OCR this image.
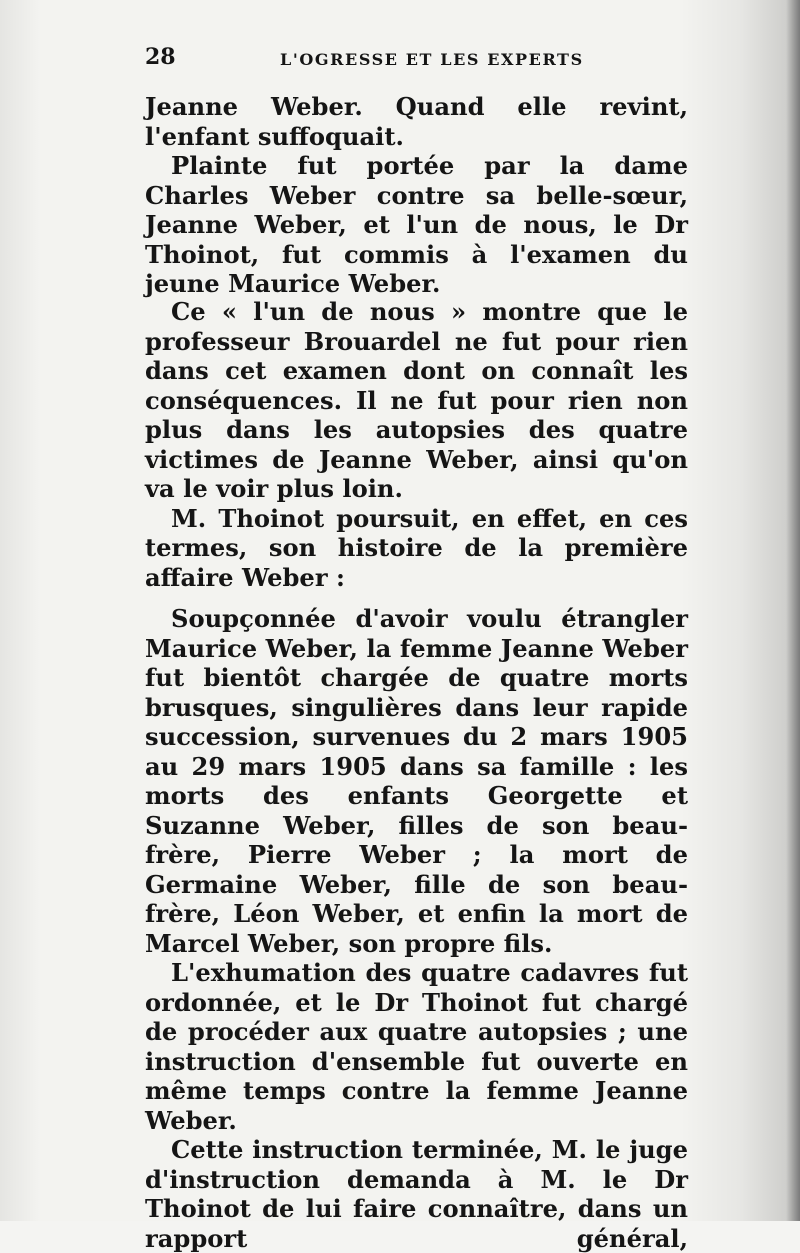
28	L'OGRESSE ET LES EXPERTS

Jeanne Weber. Quand elle revint, l'enfant suffoquait.

Plainte fut portée par la dame Charles Weber contre sa belle-sœur, Jeanne Weber, et l'un de nous, le Dr Thoinot, fut commis à l'examen du jeune Maurice Weber.

Ce « l'un de nous » montre que le professeur Brouardel ne fut pour rien dans cet examen dont on connaît les conséquences. Il ne fut pour rien non plus dans les autopsies des quatre victimes de Jeanne Weber, ainsi qu'on va le voir plus loin.

M. Thoinot poursuit, en effet, en ces termes, son histoire de la première affaire Weber :

Soupçonnée d'avoir voulu étrangler Maurice Weber, la femme Jeanne Weber fut bientôt chargée de quatre morts brusques, singulières dans leur rapide succession, survenues du 2 mars 1905 au 29 mars 1905 dans sa famille : les morts des enfants Georgette et Suzanne Weber, filles de son beau-frère, Pierre Weber ; la mort de Germaine Weber, fille de son beau-frère, Léon Weber, et enfin la mort de Marcel Weber, son propre fils.

L'exhumation des quatre cadavres fut ordonnée, et le Dr Thoinot fut chargé de procéder aux quatre autopsies ; une instruction d'ensemble fut ouverte en même temps contre la femme Jeanne Weber.

Cette instruction terminée, M. le juge d'instruction demanda à M. le Dr Thoinot de lui faire connaître, dans un rapport général,
